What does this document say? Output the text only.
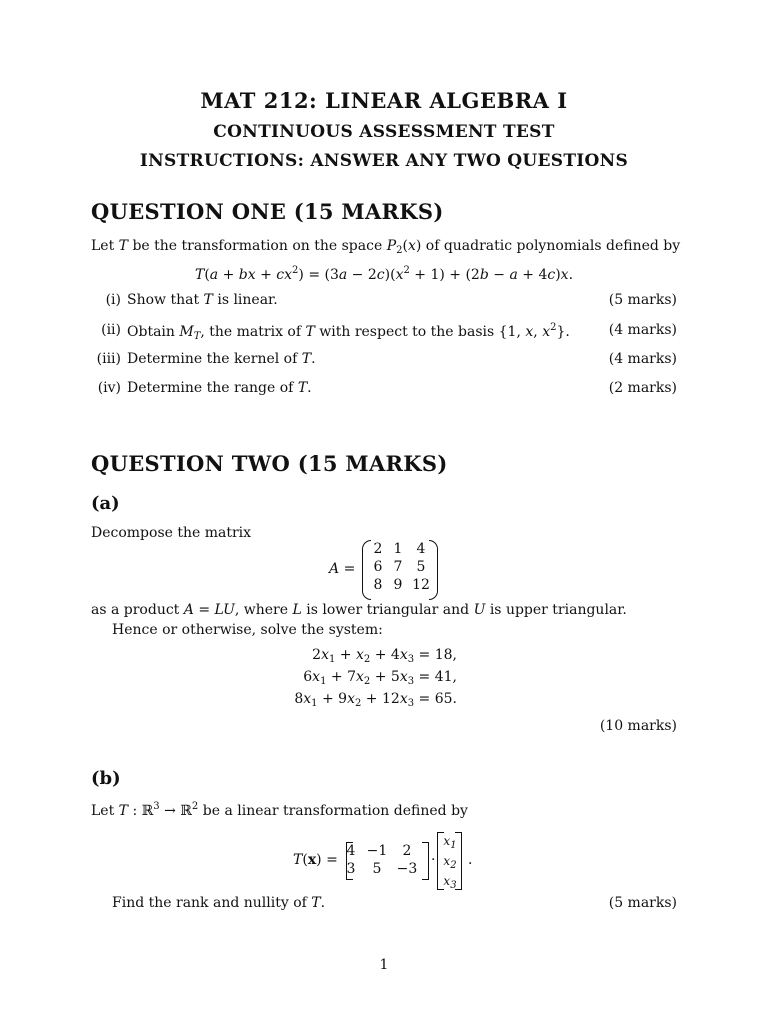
MAT 212: LINEAR ALGEBRA I
CONTINUOUS ASSESSMENT TEST
INSTRUCTIONS: ANSWER ANY TWO QUESTIONS
QUESTION ONE (15 MARKS)
Let T be the transformation on the space $P_2(x)$ of quadratic polynomials defined by
T(a + bx + $cx^2) = (3a - 2c)(x^2 + 1) + (2b - a + 4c)x$.
(i) Show that T is linear.	(5 marks)
(ii) Obtain $M_T$, the matrix of T with respect to the basis {1, x, $x^2$}.	(4 marks)
(iii) Determine the kernel of T.	(4 marks)
(iv) Determine the range of T.	(2 marks)
QUESTION TWO (15 MARKS)
(a)
Decompose the matrix
A =
2 1	4
6 7	5
8 9 12
as a product A = LU, where L is lower triangular and U is upper triangular.
Hence or otherwise, solve the system:
$2x_1 + x_2 + 4x_3 = 18$,
$6x_1 + 7x_2 + 5x_3 = 41$,
$8x_1 + 9x_2 + 12x_3 = 65$.
(10 marks)
(b)
Let T : ℝ$^3$ → ℝ$^2$ be a linear transformation defined by
T(x) =
4 −1	2
3	5	−3
·
$x_1$
$x_2$
$x_3$
.
Find the rank and nullity of T.	(5 marks)
1
